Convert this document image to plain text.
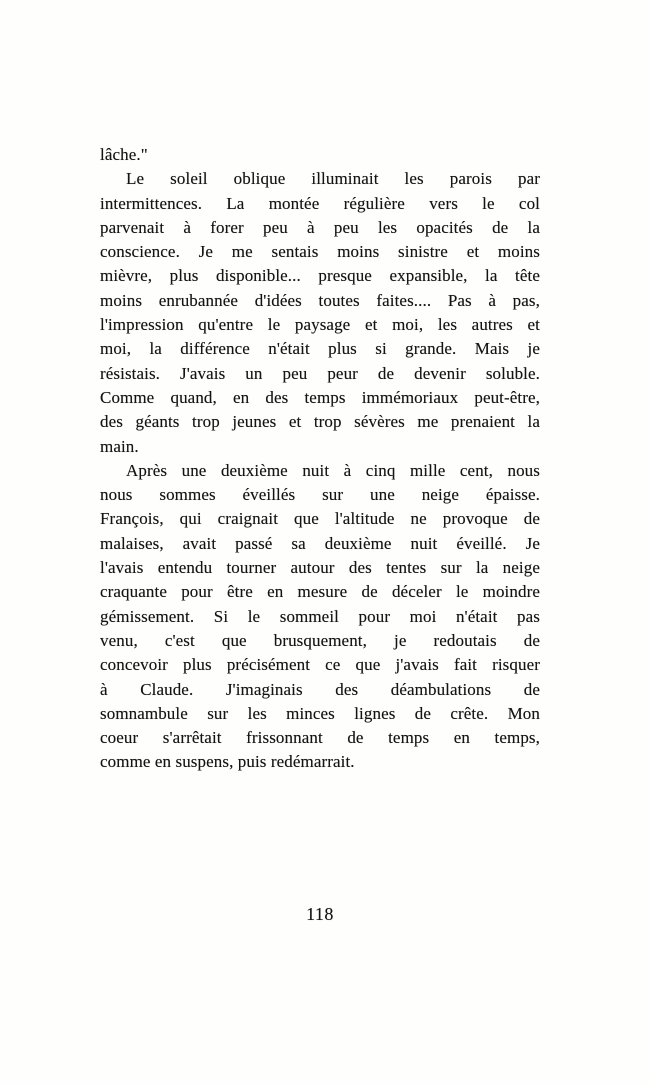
lâche."
Le soleil oblique illuminait les parois par
intermittences. La montée régulière vers le col
parvenait à forer peu à peu les opacités de la
conscience. Je me sentais moins sinistre et moins
mièvre, plus disponible... presque expansible, la tête
moins enrubannée d'idées toutes faites.... Pas à pas,
l'impression qu'entre le paysage et moi, les autres et
moi, la différence n'était plus si grande. Mais je
résistais. J'avais un peu peur de devenir soluble.
Comme quand, en des temps immémoriaux peut-être,
des géants trop jeunes et trop sévères me prenaient la
main.
Après une deuxième nuit à cinq mille cent, nous
nous sommes éveillés sur une neige épaisse.
François, qui craignait que l'altitude ne provoque de
malaises, avait passé sa deuxième nuit éveillé. Je
l'avais entendu tourner autour des tentes sur la neige
craquante pour être en mesure de déceler le moindre
gémissement. Si le sommeil pour moi n'était pas
venu, c'est que brusquement, je redoutais de
concevoir plus précisément ce que j'avais fait risquer
à Claude. J'imaginais des déambulations de
somnambule sur les minces lignes de crête. Mon
coeur s'arrêtait frissonnant de temps en temps,
comme en suspens, puis redémarrait.
118
